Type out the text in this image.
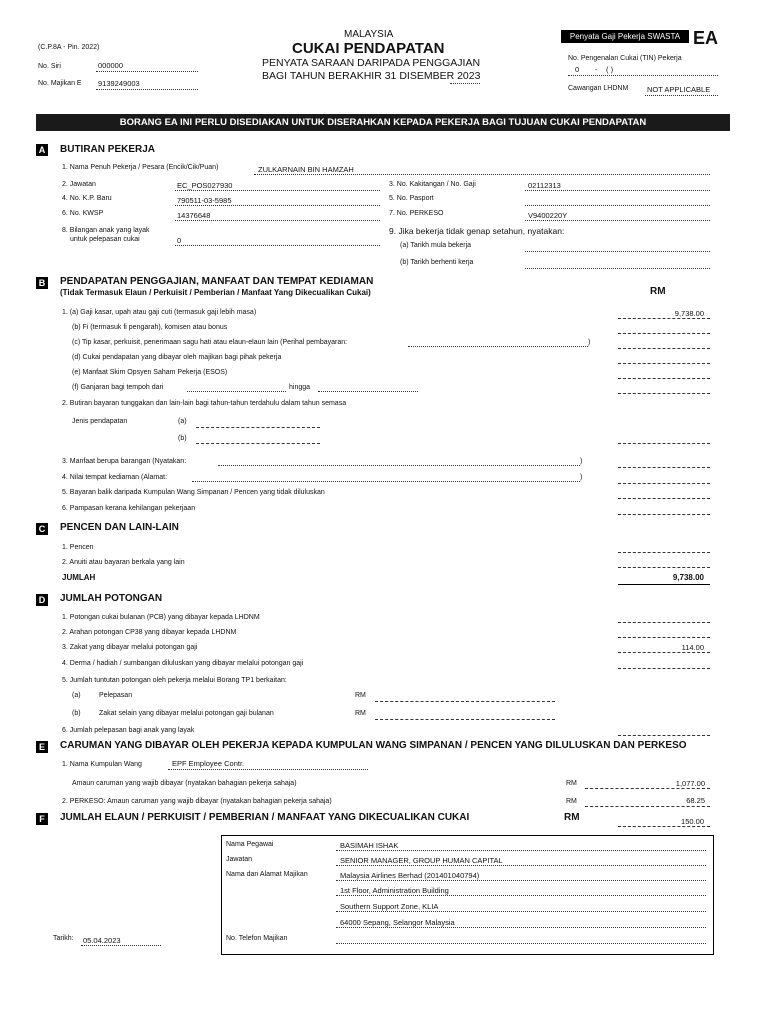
(C.P.8A - Pin. 2022)
No. Siri	000000
No. Majikan E 9139249003
MALAYSIA
CUKAI PENDAPATAN
PENYATA SARAAN DARIPADA PENGGAJIAN
BAGI TAHUN BERAKHIR 31 DISEMBER 2023
Penyata Gaji Pekerja SWASTA EA
No. Pengenalan Cukai (TIN) Pekerja
0 - ( )
Cawangan LHDNM NOT APPLICABLE
BORANG EA INI PERLU DISEDIAKAN UNTUK DISERAHKAN KEPADA PEKERJA BAGI TUJUAN CUKAI PENDAPATAN
A BUTIRAN PEKERJA
1. Nama Penuh Pekerja / Pesara (Encik/Cik/Puan)	ZULKARNAIN BIN HAMZAH
2. Jawatan	EC_POS027930	3. No. Kakitangan / No. Gaji	02112313
4. No. K.P. Baru	790511-03-5985	5. No. Pasport
6. No. KWSP	14376648	7. No. PERKESO	V9400220Y
8. Bilangan anak yang layak
untuk pelepasan cukai	0
9. Jika bekerja tidak genap setahun, nyatakan:
(a) Tarikh mula bekerja
(b) Tarikh berhenti kerja
B PENDAPATAN PENGGAJIAN, MANFAAT DAN TEMPAT KEDIAMAN
(Tidak Termasuk Elaun / Perkuisit / Pemberian / Manfaat Yang Dikecualikan Cukai)	RM
1. (a) Gaji kasar, upah atau gaji cuti (termasuk gaji lebih masa)	9,738.00
(b) Fi (termasuk fi pengarah), komisen atau bonus
(c) Tip kasar, perkuisit, penerimaan sagu hati atau elaun-elaun lain (Perihal pembayaran:	)
(d) Cukai pendapatan yang dibayar oleh majikan bagi pihak pekerja
(e) Manfaat Skim Opsyen Saham Pekerja (ESOS)
(f) Ganjaran bagi tempoh dari	hingga
2. Butiran bayaran tunggakan dan lain-lain bagi tahun-tahun terdahulu dalam tahun semasa
Jenis pendapatan	(a)
(b)
3. Manfaat berupa barangan (Nyatakan:	)
4. Nilai tempat kediaman (Alamat:	)
5. Bayaran balik daripada Kumpulan Wang Simpanan / Pencen yang tidak diluluskan
6. Pampasan kerana kehilangan pekerjaan
C PENCEN DAN LAIN-LAIN
1. Pencen
2. Anuiti atau bayaran berkala yang lain
JUMLAH	9,738.00
D JUMLAH POTONGAN
1. Potongan cukai bulanan (PCB) yang dibayar kepada LHDNM
2. Arahan potongan CP38 yang dibayar kepada LHDNM
3. Zakat yang dibayar melalui potongan gaji	114.00
4. Derma / hadiah / sumbangan diluluskan yang dibayar melalui potongan gaji
5. Jumlah tuntutan potongan oleh pekerja melalui Borang TP1 berkaitan:
(a)	Pelepasan	RM
(b)	Zakat selain yang dibayar melalui potongan gaji bulanan	RM
6. Jumlah pelepasan bagi anak yang layak
E	CARUMAN YANG DIBAYAR OLEH PEKERJA KEPADA KUMPULAN WANG SIMPANAN / PENCEN YANG DILULUSKAN DAN PERKESO
1. Nama Kumpulan Wang	EPF Employee Contr.
Amaun caruman yang wajib dibayar (nyatakan bahagian pekerja sahaja)	RM	1,077.00
2. PERKESO: Amaun caruman yang wajib dibayar (nyatakan bahagian pekerja sahaja)	RM	68.25
F	JUMLAH ELAUN / PERKUISIT / PEMBERIAN / MANFAAT YANG DIKECUALIKAN CUKAI	RM	150.00
Nama Pegawai	BASIMAH ISHAK
Jawatan	SENIOR MANAGER, GROUP HUMAN CAPITAL
Nama dan Alamat Majikan	Malaysia Airlines Berhad (201401040794)
1st Floor, Administration Building
Southern Support Zone, KLIA
64000 Sepang, Selangor Malaysia
No. Telefon Majikan
Tarikh: 05.04.2023
